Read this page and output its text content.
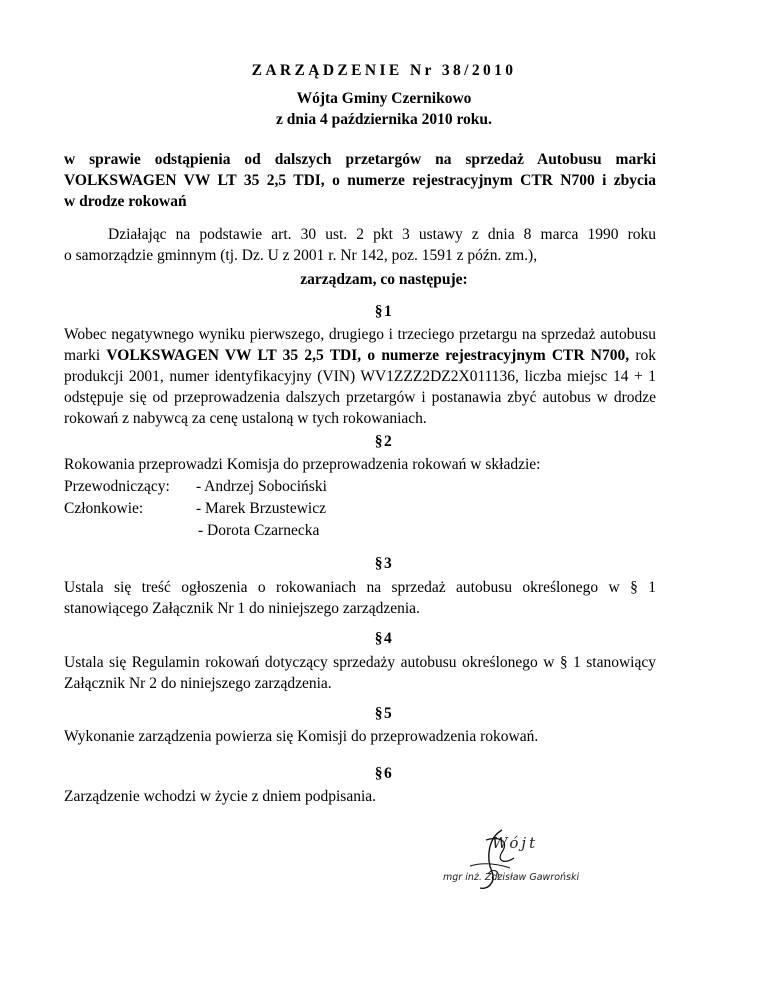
ZARZĄDZENIE Nr 38/2010
Wójta Gminy Czernikowo
z dnia 4 października 2010 roku.
w sprawie odstąpienia od dalszych przetargów na sprzedaż Autobusu marki
VOLKSWAGEN VW LT 35 2,5 TDI, o numerze rejestracyjnym CTR N700 i zbycia
w drodze rokowań
Działając na podstawie art. 30 ust. 2 pkt 3 ustawy z dnia 8 marca 1990 roku
o samorządzie gminnym (tj. Dz. U z 2001 r. Nr 142, poz. 1591 z późn. zm.),
zarządzam, co następuje:
§1
Wobec negatywnego wyniku pierwszego, drugiego i trzeciego przetargu na sprzedaż autobusu
marki VOLKSWAGEN VW LT 35 2,5 TDI, o numerze rejestracyjnym CTR N700, rok
produkcji 2001, numer identyfikacyjny (VIN) WV1ZZZ2DZ2X011136, liczba miejsc 14 + 1
odstępuje się od przeprowadzenia dalszych przetargów i postanawia zbyć autobus w drodze
rokowań z nabywcą za cenę ustaloną w tych rokowaniach.
§2
Rokowania przeprowadzi Komisja do przeprowadzenia rokowań w składzie:
Przewodniczący: - Andrzej Sobociński
Członkowie:	- Marek Brzustewicz
- Dorota Czarnecka
§3
Ustala się treść ogłoszenia o rokowaniach na sprzedaż autobusu określonego w § 1
stanowiącego Załącznik Nr 1 do niniejszego zarządzenia.
§4
Ustala się Regulamin rokowań dotyczący sprzedaży autobusu określonego w § 1 stanowiący
Załącznik Nr 2 do niniejszego zarządzenia.
§5
Wykonanie zarządzenia powierza się Komisji do przeprowadzenia rokowań.
§6
Zarządzenie wchodzi w życie z dniem podpisania.
Wójt
mgr inż. Zdzisław Gawroński
